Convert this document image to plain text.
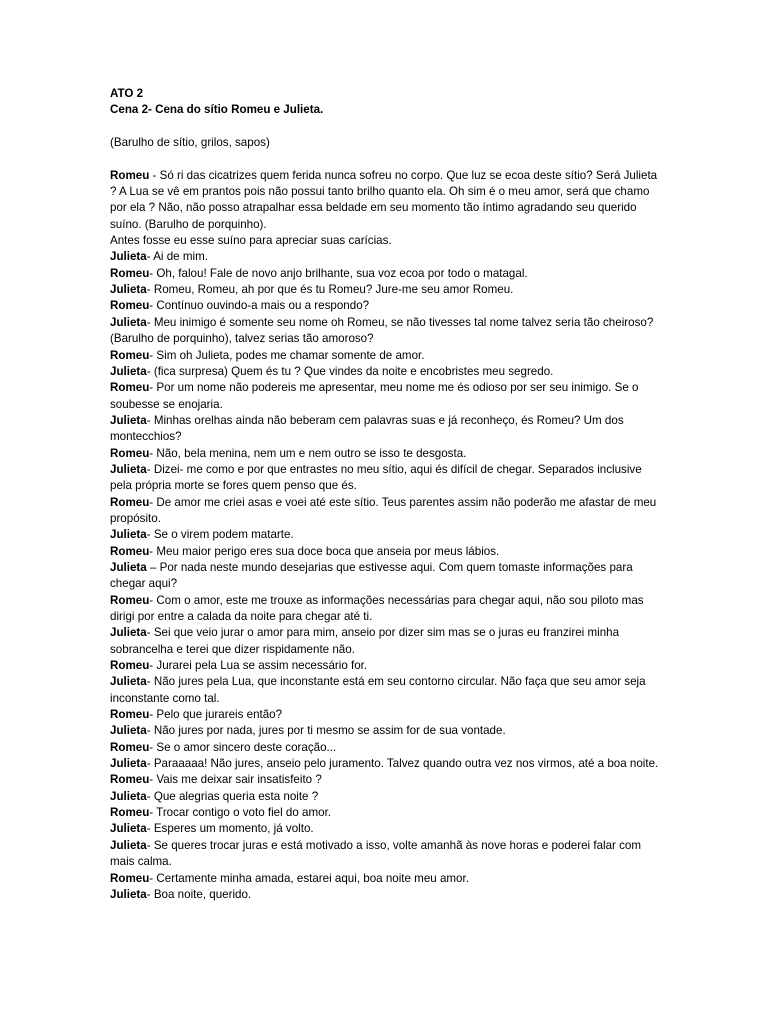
ATO 2
Cena 2- Cena do sítio Romeu e Julieta.
(Barulho de sítio, grilos, sapos)
Romeu - Só ri das cicatrizes quem ferida nunca sofreu no corpo. Que luz se ecoa deste sítio? Será Julieta ? A Lua se vê em prantos pois não possui tanto brilho quanto ela. Oh sim é o meu amor, será que chamo por ela ? Não, não posso atrapalhar essa beldade em seu momento tão íntimo agradando seu querido suíno. (Barulho de porquinho).
Antes fosse eu esse suíno para apreciar suas carícias.
Julieta- Ai de mim.
Romeu- Oh, falou! Fale de novo anjo brilhante, sua voz ecoa por todo o matagal.
Julieta- Romeu, Romeu, ah por que és tu Romeu? Jure-me seu amor Romeu.
Romeu- Contínuo ouvindo-a mais ou a respondo?
Julieta- Meu inimigo é somente seu nome oh Romeu, se não tivesses tal nome talvez seria tão cheiroso? (Barulho de porquinho), talvez serias tão amoroso?
Romeu- Sim oh Julieta, podes me chamar somente de amor.
Julieta- (fica surpresa) Quem és tu ? Que vindes da noite e encobristes meu segredo.
Romeu- Por um nome não podereis me apresentar, meu nome me és odioso por ser seu inimigo. Se o soubesse se enojaria.
Julieta- Minhas orelhas ainda não beberam cem palavras suas e já reconheço, és Romeu? Um dos montecchios?
Romeu- Não, bela menina, nem um e nem outro se isso te desgosta.
Julieta- Dizei- me como e por que entrastes no meu sítio, aqui és difícil de chegar. Separados inclusive pela própria morte se fores quem penso que és.
Romeu- De amor me criei asas e voei até este sítio. Teus parentes assim não poderão me afastar de meu propósito.
Julieta- Se o virem podem matarte.
Romeu- Meu maior perigo eres sua doce boca que anseia por meus lábios.
Julieta – Por nada neste mundo desejarias que estivesse aqui. Com quem tomaste informações para chegar aqui?
Romeu- Com o amor, este me trouxe as informações necessárias para chegar aqui, não sou piloto mas dirigi por entre a calada da noite para chegar até ti.
Julieta- Sei que veio jurar o amor para mim, anseio por dizer sim mas se o juras eu franzirei minha sobrancelha e terei que dizer rispidamente não.
Romeu- Jurarei pela Lua se assim necessário for.
Julieta- Não jures pela Lua, que inconstante está em seu contorno circular. Não faça que seu amor seja inconstante como tal.
Romeu- Pelo que jurareis então?
Julieta- Não jures por nada, jures por ti mesmo se assim for de sua vontade.
Romeu- Se o amor sincero deste coração...
Julieta- Paraaaaa! Não jures, anseio pelo juramento. Talvez quando outra vez nos virmos, até a boa noite.
Romeu- Vais me deixar sair insatisfeito ?
Julieta- Que alegrias queria esta noite ?
Romeu- Trocar contigo o voto fiel do amor.
Julieta- Esperes um momento, já volto.
Julieta- Se queres trocar juras e está motivado a isso, volte amanhã às nove horas e poderei falar com mais calma.
Romeu- Certamente minha amada, estarei aqui, boa noite meu amor.
Julieta- Boa noite, querido.
